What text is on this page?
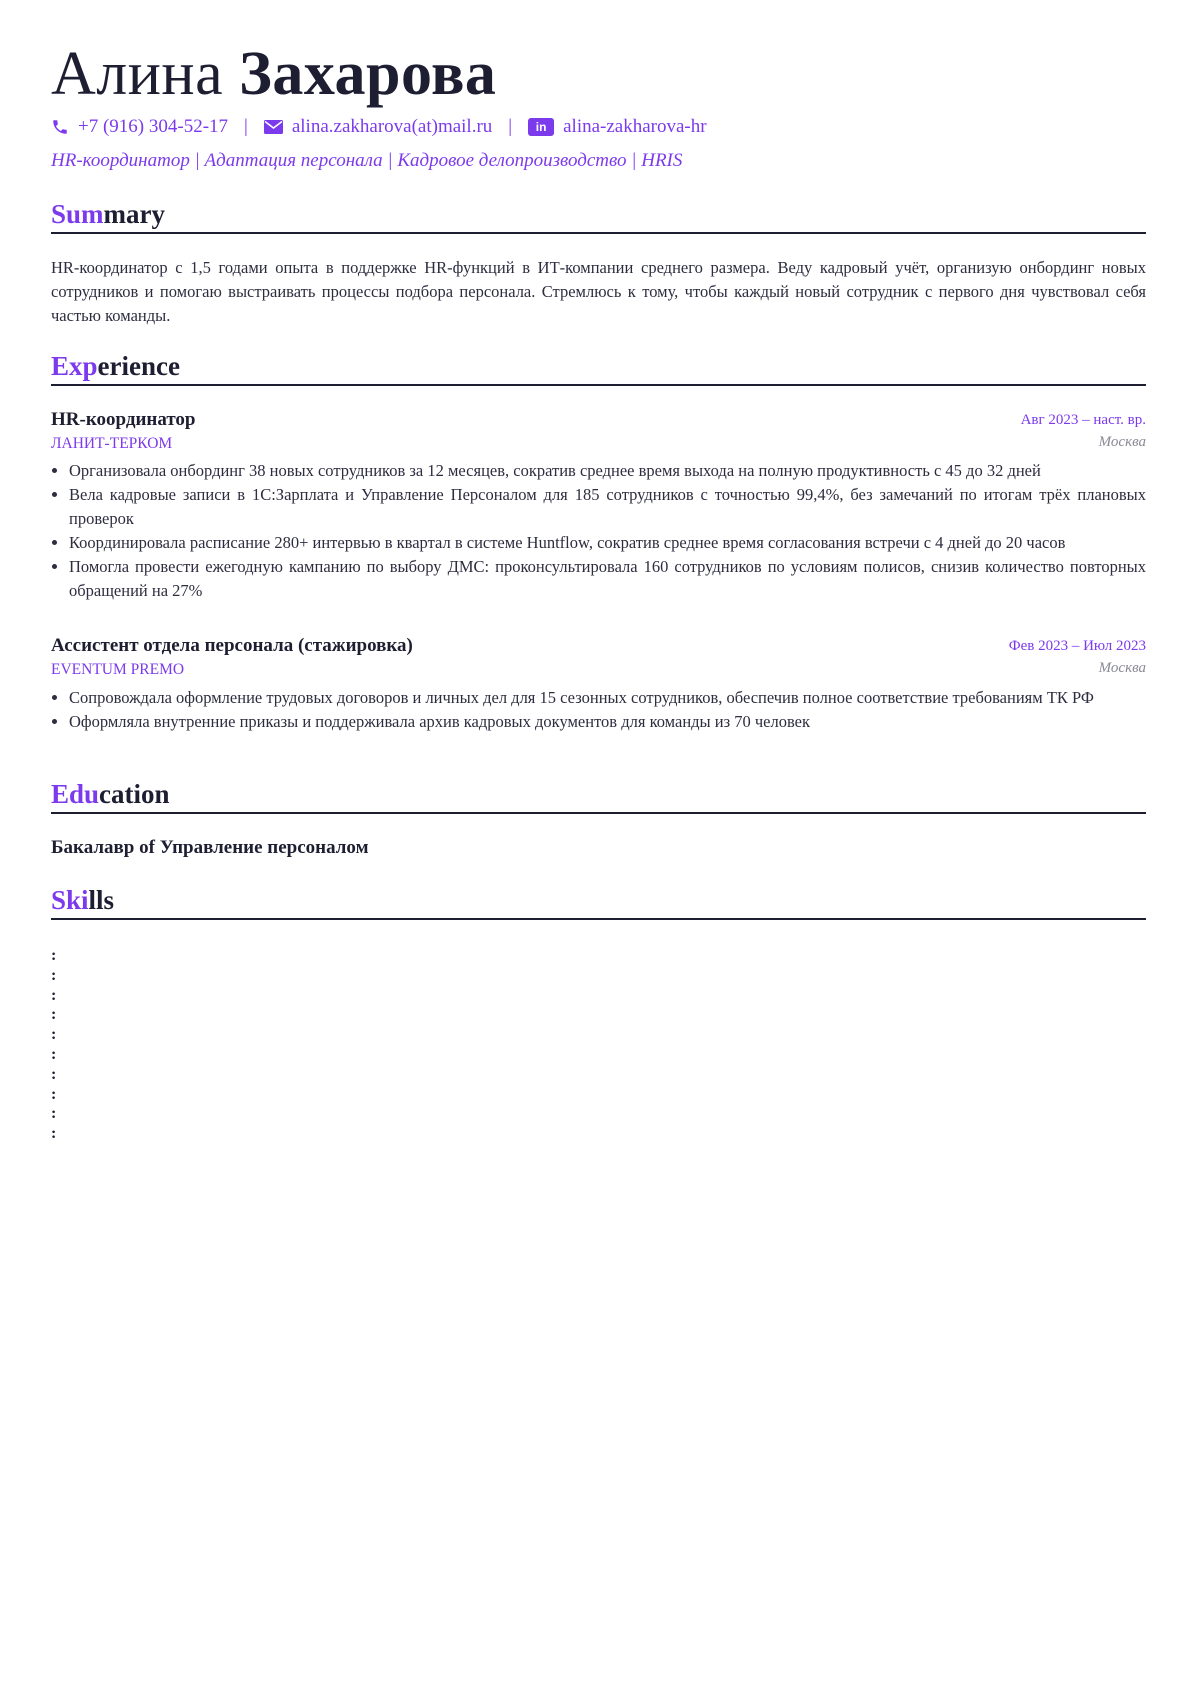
Алина Захарова
+7 (916) 304-52-17 | alina.zakharova(at)mail.ru |	in alina-zakharova-hr
HR-координатор | Адаптация персонала | Кадровое делопроизводство | HRIS
Summary

HR-координатор с 1,5 годами опыта в поддержке HR-функций в ИТ-компании среднего размера. Веду кадровый учёт, организую онбординг новых сотрудников и помогаю выстраивать процессы подбора персонала. Стремлюсь к тому, чтобы каждый новый сотрудник с первого дня чувствовал себя частью команды.

Experience
HR-координатор	Авг 2023 – наст. вр.
ЛАНИТ-ТЕРКОМ	Москва
• Организовала онбординг 38 новых сотрудников за 12 месяцев, сократив среднее время выхода на полную продуктивность с 45 до 32 дней
• Вела кадровые записи в 1С:Зарплата и Управление Персоналом для 185 сотрудников с точностью 99,4%, без замечаний по итогам трёх плановых проверок
• Координировала расписание 280+ интервью в квартал в системе Huntflow, сократив среднее время согласования встречи с 4 дней до 20 часов
• Помогла провести ежегодную кампанию по выбору ДМС: проконсультировала 160 сотрудников по условиям полисов, снизив количество повторных обращений на 27%
Ассистент отдела персонала (стажировка)	Фев 2023 – Июл 2023
EVENTUM PREMO	Москва
• Сопровождала оформление трудовых договоров и личных дел для 15 сезонных сотрудников, обеспечив полное соответствие требованиям ТК РФ
• Оформляла внутренние приказы и поддерживала архив кадровых документов для команды из 70 человек
Education
Бакалавр of Управление персоналом
Skills
:
:
:
:
:
:
:
:
:
:
